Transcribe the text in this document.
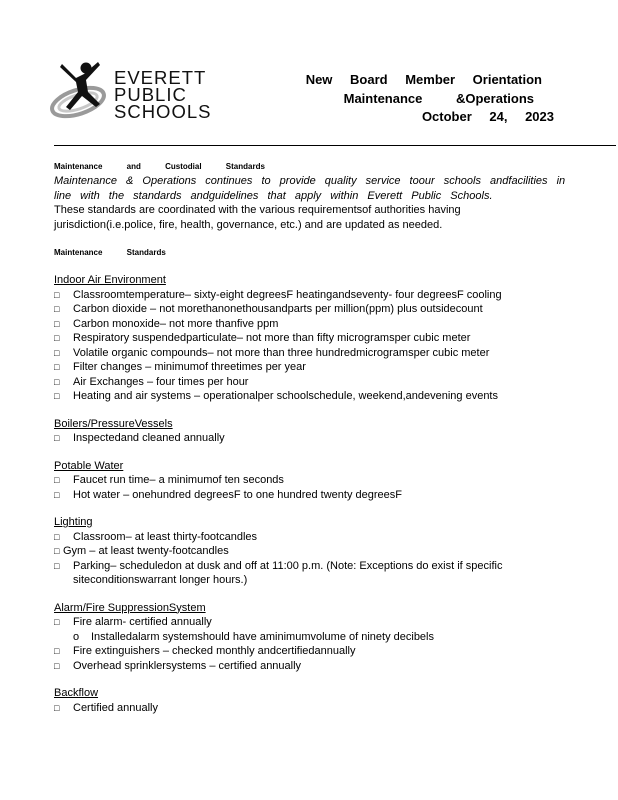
EVERETT
PUBLIC
SCHOOLS
New Board Member Orientation
Maintenance &Operations
October 24, 2023
Maintenance and Custodial Standards
Maintenance & Operations continues to provide quality service toour schools andfacilities in
line with the standards andguidelines that apply within Everett Public Schools.
These standards are coordinated with the various requirementsof authorities having
jurisdiction(i.e.police, fire, health, governance, etc.) and are updated as needed.
Maintenance Standards
Indoor Air Environment
□ Classroomtemperature– sixty-eight degreesF heatingandseventy- four degreesF cooling
□ Carbon dioxide – not morethanonethousandparts per million(ppm) plus outsidecount
□ Carbon monoxide– not more thanfive ppm
□ Respiratory suspendedparticulate– not more than fifty microgramsper cubic meter
□ Volatile organic compounds– not more than three hundredmicrogramsper cubic meter
□ Filter changes – minimumof threetimes per year
□ Air Exchanges – four times per hour
□ Heating and air systems – operationalper schoolschedule, weekend,andevening events
Boilers/PressureVessels
□ Inspectedand cleaned annually
Potable Water
□ Faucet run time– a minimumof ten seconds
□ Hot water – onehundred degreesF to one hundred twenty degreesF
Lighting
□ Classroom– at least thirty-footcandles
□ Gym – at least twenty-footcandles
□ Parking– scheduledon at dusk and off at 11:00 p.m. (Note: Exceptions do exist if specific siteconditionswarrant longer hours.)
Alarm/Fire SuppressionSystem
□ Fire alarm- certified annually
o Installedalarm systemshould have aminimumvolume of ninety decibels
□ Fire extinguishers – checked monthly andcertifiedannually
□ Overhead sprinklersystems – certified annually
Backflow
□ Certified annually
